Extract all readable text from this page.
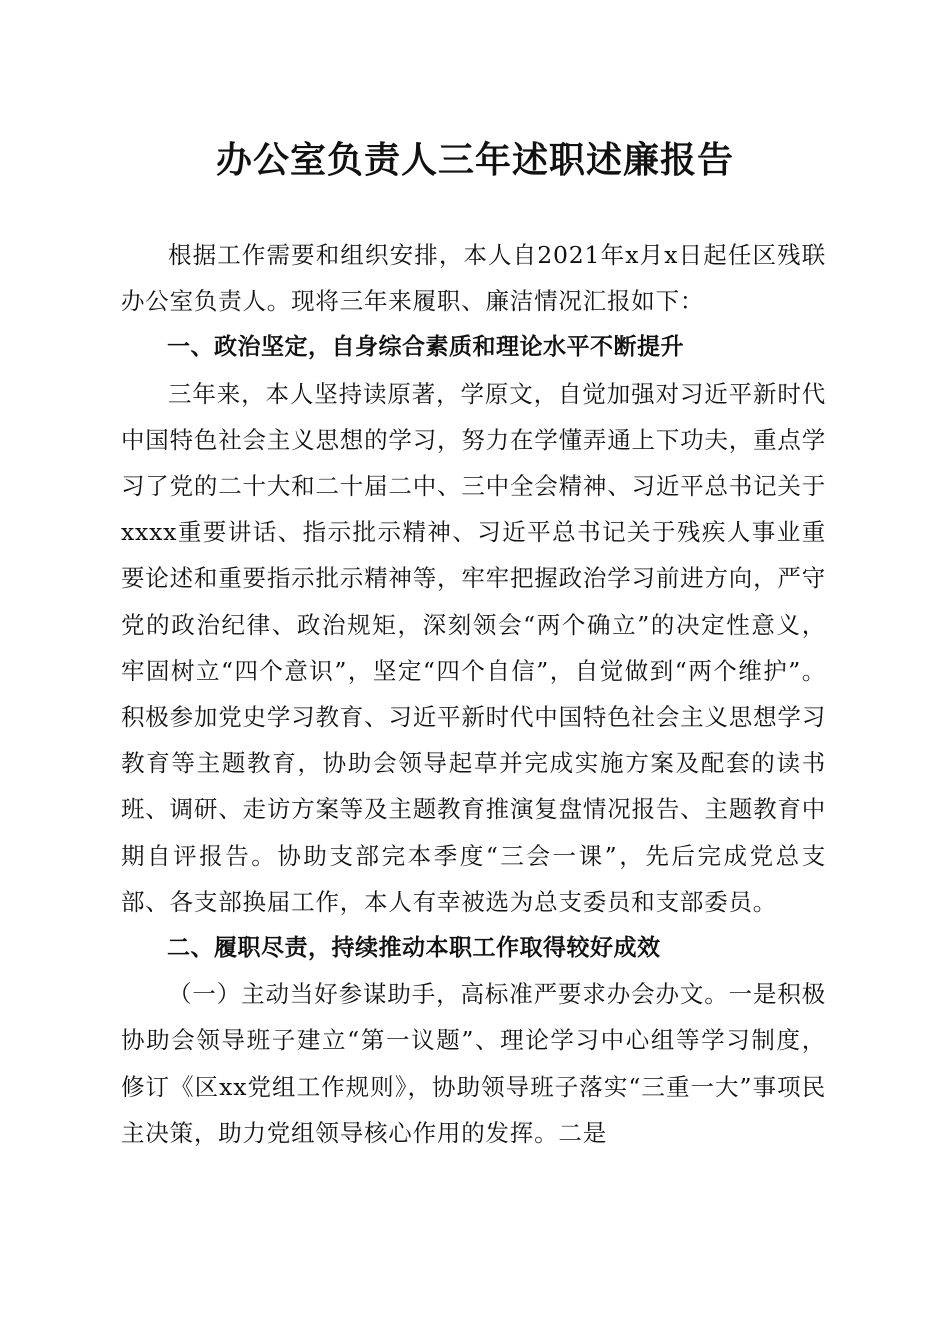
办公室负责人三年述职述廉报告

根据工作需要和组织安排，本人自2021年x月x日起任区残联办公室负责人。现将三年来履职、廉洁情况汇报如下：

一、政治坚定，自身综合素质和理论水平不断提升

三年来，本人坚持读原著，学原文，自觉加强对习近平新时代中国特色社会主义思想的学习，努力在学懂弄通上下功夫，重点学习了党的二十大和二十届二中、三中全会精神、习近平总书记关于xxxx重要讲话、指示批示精神、习近平总书记关于残疾人事业重要论述和重要指示批示精神等，牢牢把握政治学习前进方向，严守党的政治纪律、政治规矩，深刻领会“两个确立”的决定性意义，牢固树立“四个意识”，坚定“四个自信”，自觉做到“两个维护”。积极参加党史学习教育、习近平新时代中国特色社会主义思想学习教育等主题教育，协助会领导起草并完成实施方案及配套的读书班、调研、走访方案等及主题教育推演复盘情况报告、主题教育中期自评报告。协助支部完本季度“三会一课”，先后完成党总支部、各支部换届工作，本人有幸被选为总支委员和支部委员。

二、履职尽责，持续推动本职工作取得较好成效

（一）主动当好参谋助手，高标准严要求办会办文。一是积极协助会领导班子建立“第一议题”、理论学习中心组等学习制度，修订《区xx党组工作规则》，协助领导班子落实“三重一大”事项民主决策，助力党组领导核心作用的发挥。二是
